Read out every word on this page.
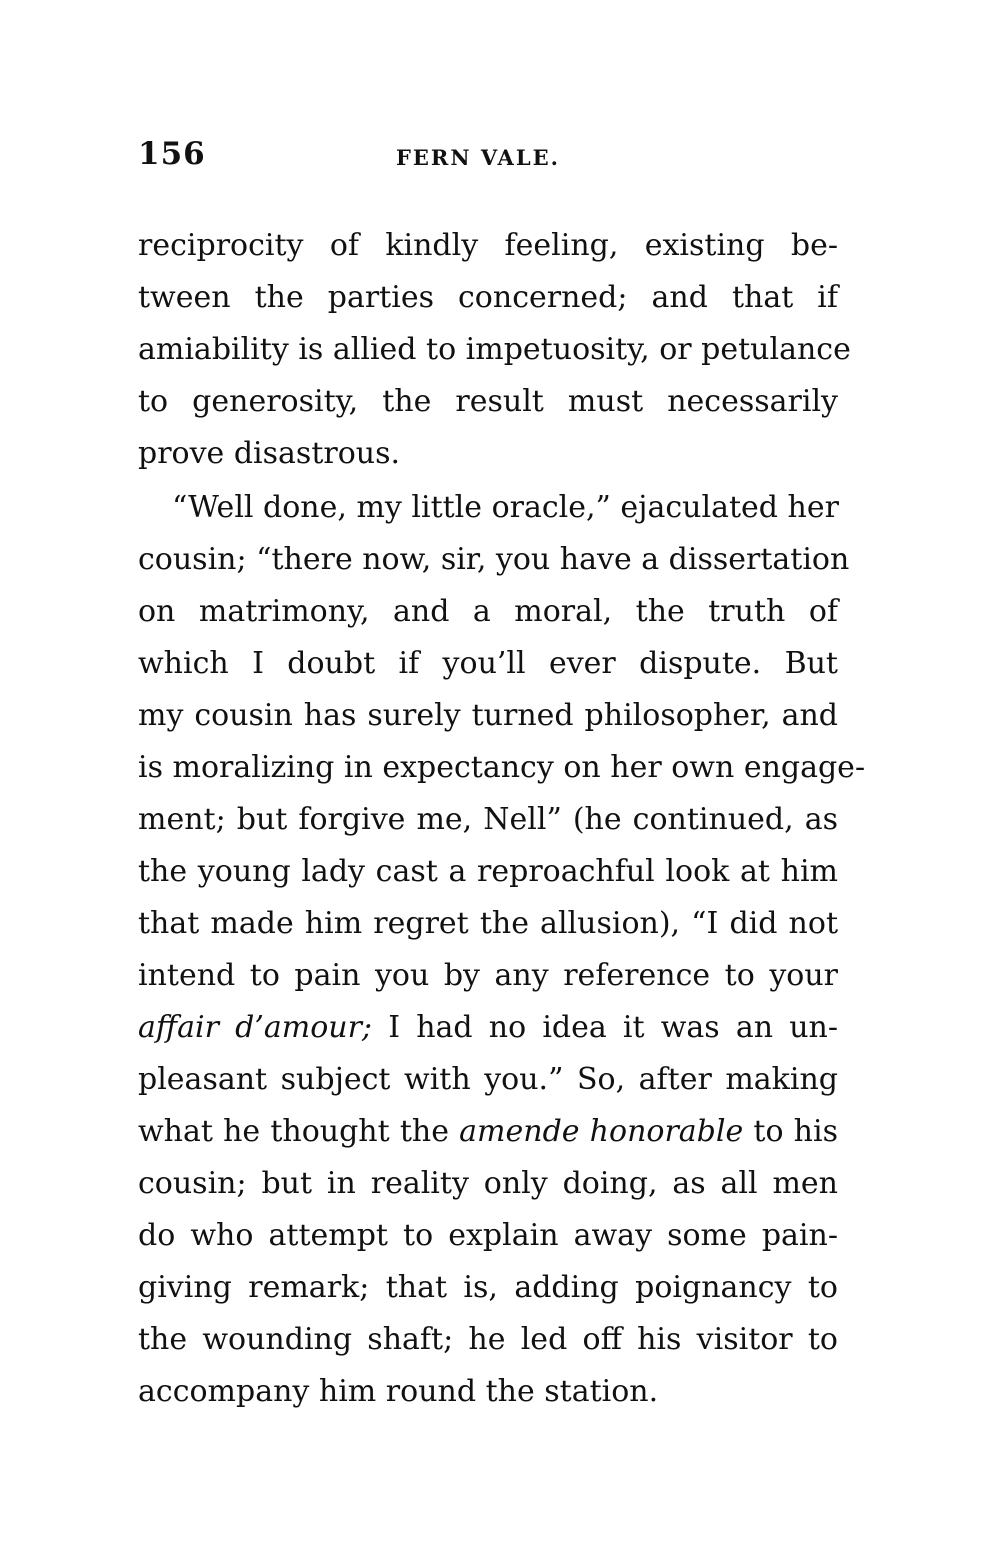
156	FERN VALE.
reciprocity of kindly feeling, existing be-
tween the parties concerned; and that if
amiability is allied to impetuosity, or petulance
to generosity, the result must necessarily
prove disastrous.
“Well done, my little oracle,” ejaculated her
cousin; “there now, sir, you have a dissertation
on matrimony, and a moral, the truth of
which I doubt if you’ll ever dispute. But
my cousin has surely turned philosopher, and
is moralizing in expectancy on her own engage-
ment; but forgive me, Nell” (he continued, as
the young lady cast a reproachful look at him
that made him regret the allusion), “I did not
intend to pain you by any reference to your
affair d’amour; I had no idea it was an un-
pleasant subject with you.” So, after making
what he thought the amende honorable to his
cousin; but in reality only doing, as all men
do who attempt to explain away some pain-
giving remark; that is, adding poignancy to
the wounding shaft; he led off his visitor to
accompany him round the station.
